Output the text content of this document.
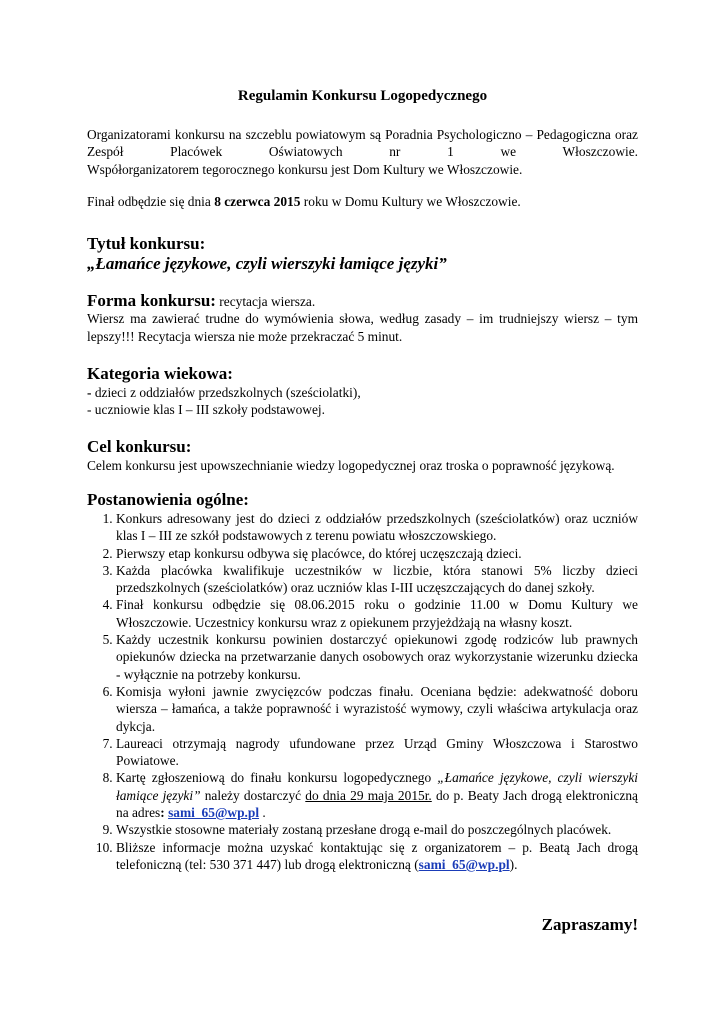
Regulamin Konkursu Logopedycznego
Organizatorami konkursu na szczeblu powiatowym są Poradnia Psychologiczno – Pedagogiczna oraz Zespół Placówek Oświatowych nr 1 we Włoszczowie.
Współorganizatorem tegorocznego konkursu jest Dom Kultury we Włoszczowie.
Finał odbędzie się dnia 8 czerwca 2015 roku w Domu Kultury we Włoszczowie.
Tytuł konkursu:
„Łamańce językowe, czyli wierszyki łamiące języki”
Forma konkursu: recytacja wiersza.
Wiersz ma zawierać trudne do wymówienia słowa, według zasady – im trudniejszy wiersz – tym lepszy!!! Recytacja wiersza nie może przekraczać 5 minut.
Kategoria wiekowa:
- dzieci z oddziałów przedszkolnych (sześciolatki),
- uczniowie klas I – III szkoły podstawowej.
Cel konkursu:
Celem konkursu jest upowszechnianie wiedzy logopedycznej oraz troska o poprawność językową.
Postanowienia ogólne:
1. Konkurs adresowany jest do dzieci z oddziałów przedszkolnych (sześciolatków) oraz uczniów klas I – III ze szkół podstawowych z terenu powiatu włoszczowskiego.
2. Pierwszy etap konkursu odbywa się placówce, do której uczęszczają dzieci.
3. Każda placówka kwalifikuje uczestników w liczbie, która stanowi 5% liczby dzieci przedszkolnych (sześciolatków) oraz uczniów klas I-III uczęszczających do danej szkoły.
4. Finał konkursu odbędzie się 08.06.2015 roku o godzinie 11.00 w Domu Kultury we Włoszczowie. Uczestnicy konkursu wraz z opiekunem przyjeżdżają na własny koszt.
5. Każdy uczestnik konkursu powinien dostarczyć opiekunowi zgodę rodziców lub prawnych opiekunów dziecka na przetwarzanie danych osobowych oraz wykorzystanie wizerunku dziecka - wyłącznie na potrzeby konkursu.
6. Komisja wyłoni jawnie zwycięzców podczas finału. Oceniana będzie: adekwatność doboru wiersza – łamańca, a także poprawność i wyrazistość wymowy, czyli właściwa artykulacja oraz dykcja.
7. Laureaci otrzymają nagrody ufundowane przez Urząd Gminy Włoszczowa i Starostwo Powiatowe.
8. Kartę zgłoszeniową do finału konkursu logopedycznego „Łamańce językowe, czyli wierszyki łamiące języki” należy dostarczyć do dnia 29 maja 2015r. do p. Beaty Jach drogą elektroniczną na adres: sami_65@wp.pl .
9. Wszystkie stosowne materiały zostaną przesłane drogą e-mail do poszczególnych placówek.
10. Bliższe informacje można uzyskać kontaktując się z organizatorem – p. Beatą Jach drogą telefoniczną (tel: 530 371 447) lub drogą elektroniczną (sami_65@wp.pl).
Zapraszamy!
